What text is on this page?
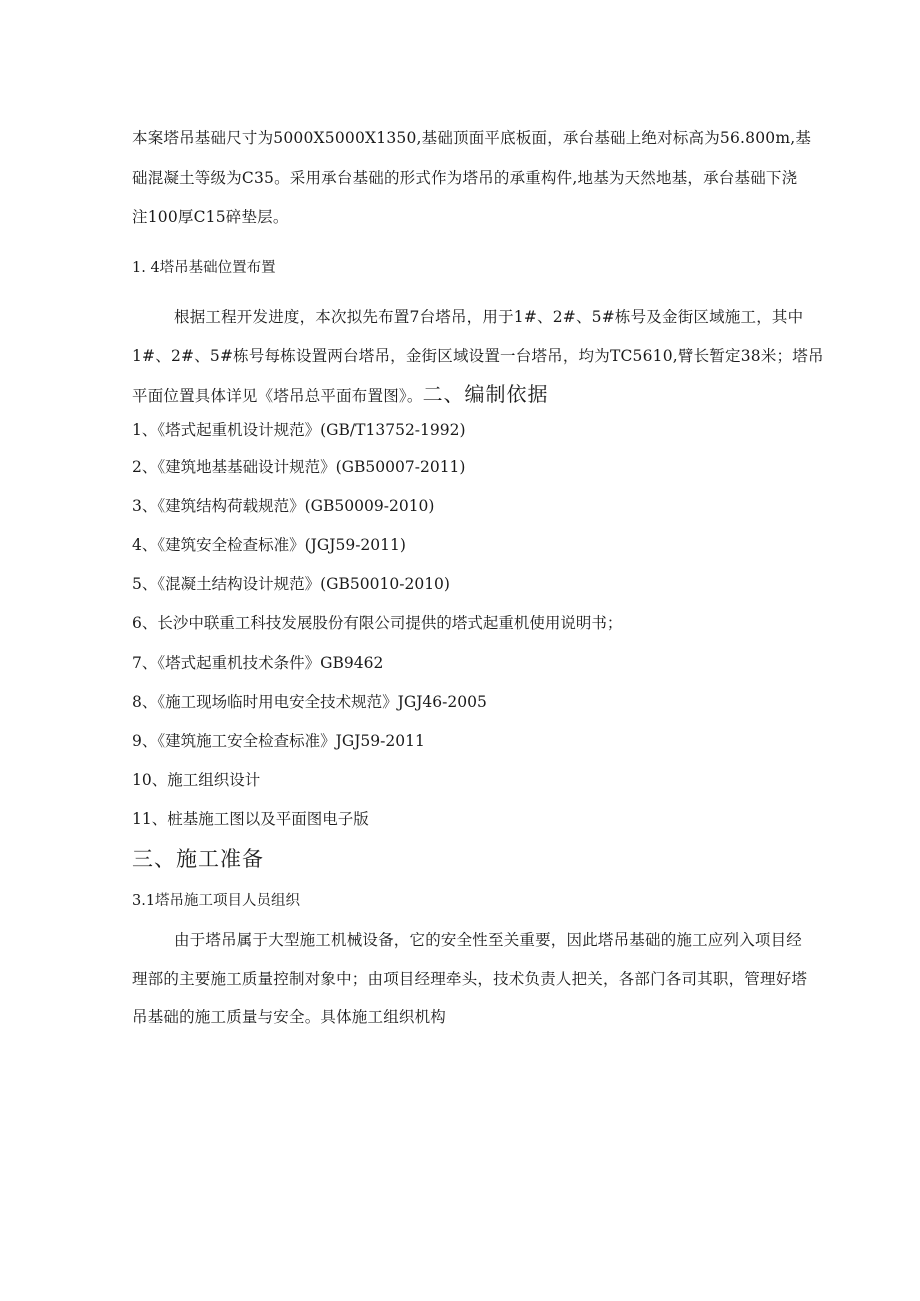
本案塔吊基础尺寸为5000X5000X1350,基础顶面平底板面，承台基础上绝对标高为56.800m,基
础混凝土等级为C35。采用承台基础的形式作为塔吊的承重构件,地基为天然地基，承台基础下浇
注100厚C15碎垫层。
1. 4塔吊基础位置布置
根据工程开发进度，本次拟先布置7台塔吊，用于1#、2#、5#栋号及金街区域施工，其中
1#、2#、5#栋号每栋设置两台塔吊，金街区域设置一台塔吊，均为TC5610,臂长暂定38米；塔吊
平面位置具体详见《塔吊总平面布置图》。二、编制依据
1、《塔式起重机设计规范》(GB/T13752-1992)
2、《建筑地基基础设计规范》(GB50007-2011)
3、《建筑结构荷载规范》(GB50009-2010)
4、《建筑安全检查标准》(JGJ59-2011)
5、《混凝土结构设计规范》(GB50010-2010)
6、长沙中联重工科技发展股份有限公司提供的塔式起重机使用说明书；
7、《塔式起重机技术条件》GB9462
8、《施工现场临时用电安全技术规范》JGJ46-2005
9、《建筑施工安全检查标准》JGJ59-2011
10、施工组织设计
11、桩基施工图以及平面图电子版
三、施工准备
3.1塔吊施工项目人员组织
由于塔吊属于大型施工机械设备，它的安全性至关重要，因此塔吊基础的施工应列入项目经
理部的主要施工质量控制对象中；由项目经理牵头，技术负责人把关，各部门各司其职，管理好塔
吊基础的施工质量与安全。具体施工组织机构
